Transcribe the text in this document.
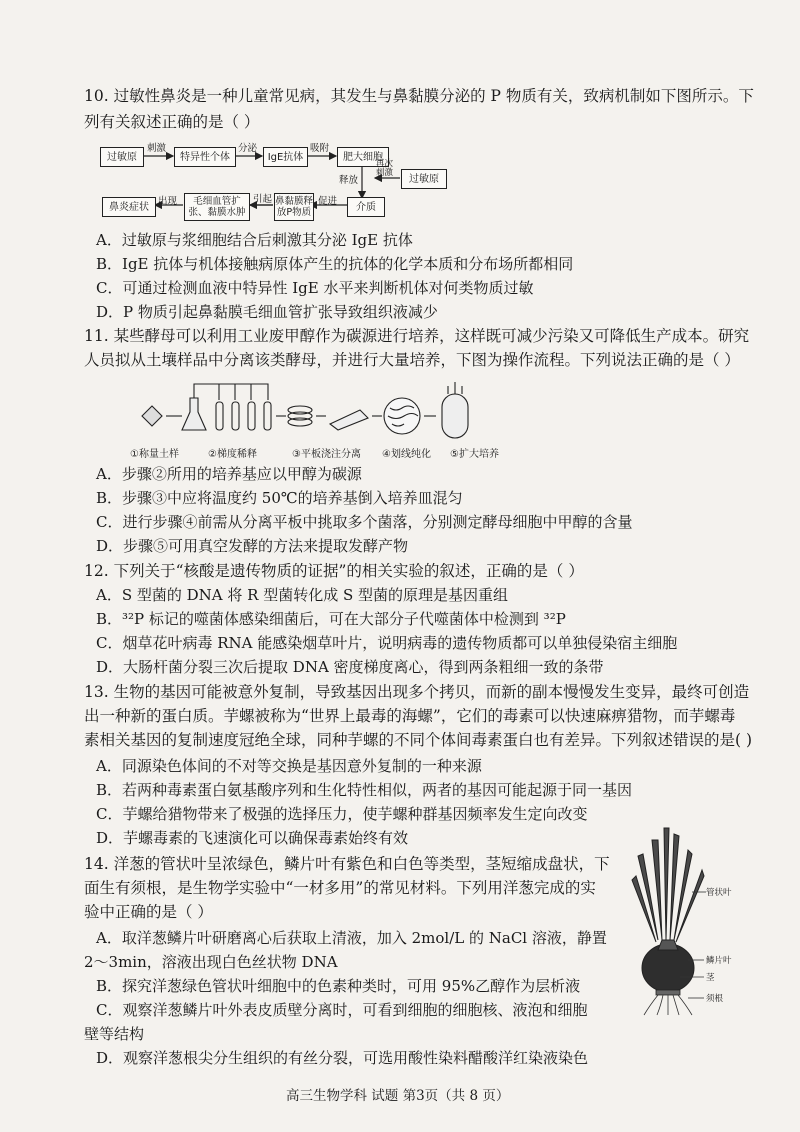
10. 过敏性鼻炎是一种儿童常见病，其发生与鼻黏膜分泌的 P 物质有关，致病机制如下图所示。下
列有关叙述正确的是（ ）
过敏原	特异性个体	IgE抗体	肥大细胞
过敏原
介质
鼻黏膜释放P物质
毛细血管扩张、黏膜水肿
鼻炎症状
刺激	分泌	吸附
再次刺激
释放
促进
引起
出现
A．过敏原与浆细胞结合后刺激其分泌 IgE 抗体
B．IgE 抗体与机体接触病原体产生的抗体的化学本质和分布场所都相同
C．可通过检测血液中特异性 IgE 水平来判断机体对何类物质过敏
D．P 物质引起鼻黏膜毛细血管扩张导致组织液减少
11. 某些酵母可以利用工业废甲醇作为碳源进行培养，这样既可减少污染又可降低生产成本。研究
人员拟从土壤样品中分离该类酵母，并进行大量培养，下图为操作流程。下列说法正确的是（ ）
①称量土样	②梯度稀释	③平板浇注分离 ④划线纯化 ⑤扩大培养
A．步骤②所用的培养基应以甲醇为碳源
B．步骤③中应将温度约 50℃的培养基倒入培养皿混匀
C．进行步骤④前需从分离平板中挑取多个菌落，分别测定酵母细胞中甲醇的含量
D．步骤⑤可用真空发酵的方法来提取发酵产物
12. 下列关于“核酸是遗传物质的证据”的相关实验的叙述，正确的是（ ）
A．S 型菌的 DNA 将 R 型菌转化成 S 型菌的原理是基因重组
B．³²P 标记的噬菌体感染细菌后，可在大部分子代噬菌体中检测到 ³²P
C．烟草花叶病毒 RNA 能感染烟草叶片，说明病毒的遗传物质都可以单独侵染宿主细胞
D．大肠杆菌分裂三次后提取 DNA 密度梯度离心，得到两条粗细一致的条带
13. 生物的基因可能被意外复制，导致基因出现多个拷贝，而新的副本慢慢发生变异，最终可创造
出一种新的蛋白质。芋螺被称为“世界上最毒的海螺”，它们的毒素可以快速麻痹猎物，而芋螺毒
素相关基因的复制速度冠绝全球，同种芋螺的不同个体间毒素蛋白也有差异。下列叙述错误的是( )
A．同源染色体间的不对等交换是基因意外复制的一种来源
B．若两种毒素蛋白氨基酸序列和生化特性相似，两者的基因可能起源于同一基因
C．芋螺给猎物带来了极强的选择压力，使芋螺种群基因频率发生定向改变
D．芋螺毒素的飞速演化可以确保毒素始终有效
14. 洋葱的管状叶呈浓绿色，鳞片叶有紫色和白色等类型，茎短缩成盘状，下
面生有须根，是生物学实验中“一材多用”的常见材料。下列用洋葱完成的实
验中正确的是（ ）
A．取洋葱鳞片叶研磨离心后获取上清液，加入 2mol/L 的 NaCl 溶液，静置
2～3min，溶液出现白色丝状物 DNA
B．探究洋葱绿色管状叶细胞中的色素种类时，可用 95%乙醇作为层析液
C．观察洋葱鳞片叶外表皮质壁分离时，可看到细胞的细胞核、液泡和细胞
壁等结构
D．观察洋葱根尖分生组织的有丝分裂，可选用酸性染料醋酸洋红染液染色
管状叶
鳞片叶
茎
须根
高三生物学科 试题 第3页（共 8 页）
